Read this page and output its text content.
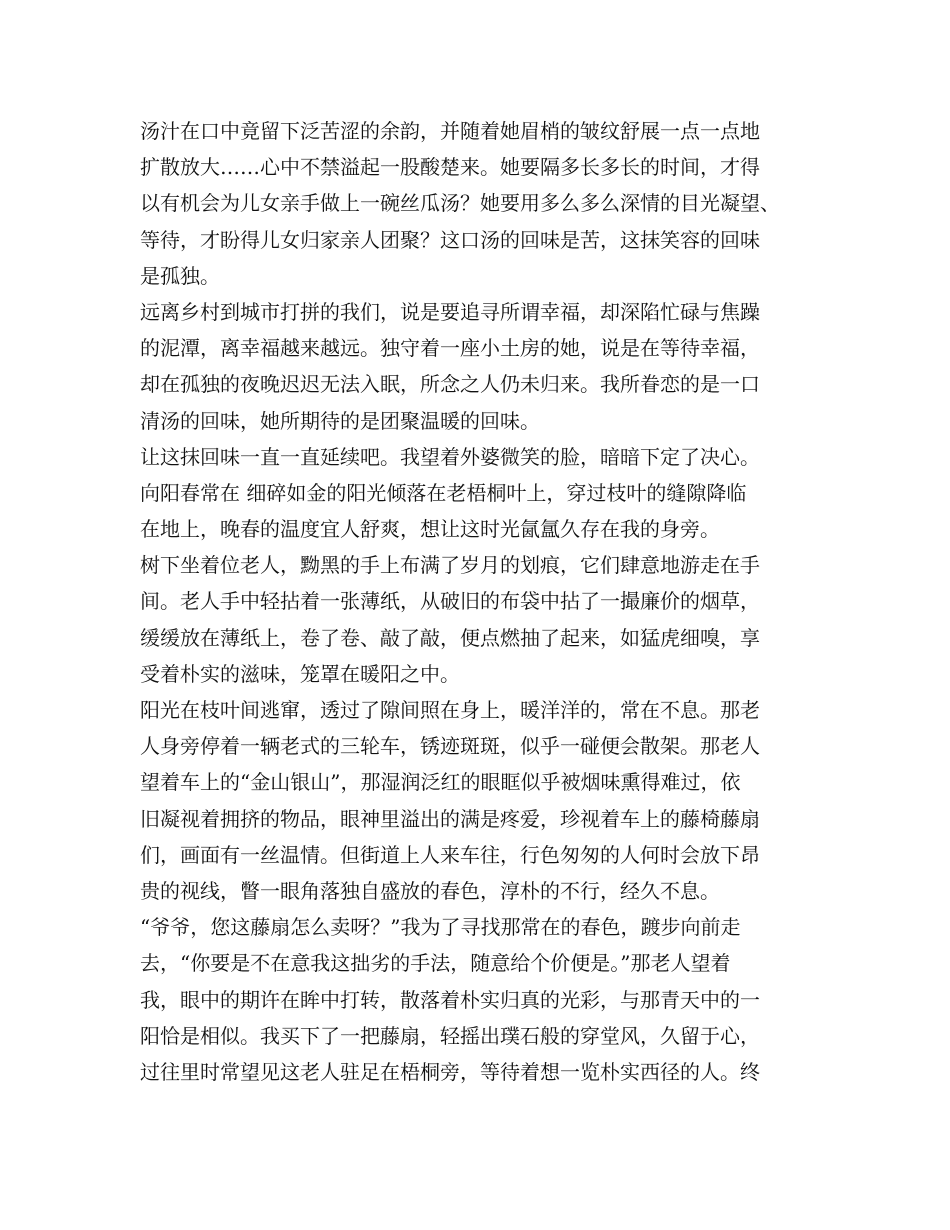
汤汁在口中竟留下泛苦涩的余韵，并随着她眉梢的皱纹舒展一点一点地
扩散放大……心中不禁溢起一股酸楚来。她要隔多长多长的时间，才得
以有机会为儿女亲手做上一碗丝瓜汤？她要用多么多么深情的目光凝望、
等待，才盼得儿女归家亲人团聚？这口汤的回味是苦，这抹笑容的回味
是孤独。
远离乡村到城市打拼的我们，说是要追寻所谓幸福，却深陷忙碌与焦躁
的泥潭，离幸福越来越远。独守着一座小土房的她，说是在等待幸福，
却在孤独的夜晚迟迟无法入眠，所念之人仍未归来。我所眷恋的是一口
清汤的回味，她所期待的是团聚温暖的回味。
让这抹回味一直一直延续吧。我望着外婆微笑的脸，暗暗下定了决心。
向阳春常在 细碎如金的阳光倾落在老梧桐叶上，穿过枝叶的缝隙降临
在地上，晚春的温度宜人舒爽，想让这时光氤氲久存在我的身旁。
树下坐着位老人，黝黑的手上布满了岁月的划痕，它们肆意地游走在手
间。老人手中轻拈着一张薄纸，从破旧的布袋中拈了一撮廉价的烟草，
缓缓放在薄纸上，卷了卷、敲了敲，便点燃抽了起来，如猛虎细嗅，享
受着朴实的滋味，笼罩在暖阳之中。
阳光在枝叶间逃窜，透过了隙间照在身上，暖洋洋的，常在不息。那老
人身旁停着一辆老式的三轮车，锈迹斑斑，似乎一碰便会散架。那老人
望着车上的“金山银山”，那湿润泛红的眼眶似乎被烟味熏得难过，依
旧凝视着拥挤的物品，眼神里溢出的满是疼爱，珍视着车上的藤椅藤扇
们，画面有一丝温情。但街道上人来车往，行色匆匆的人何时会放下昂
贵的视线，瞥一眼角落独自盛放的春色，淳朴的不行，经久不息。
“爷爷，您这藤扇怎么卖呀？”我为了寻找那常在的春色，踱步向前走
去，“你要是不在意我这拙劣的手法，随意给个价便是。”那老人望着
我，眼中的期许在眸中打转，散落着朴实归真的光彩，与那青天中的一
阳恰是相似。我买下了一把藤扇，轻摇出璞石般的穿堂风，久留于心，
过往里时常望见这老人驻足在梧桐旁，等待着想一览朴实西径的人。终
